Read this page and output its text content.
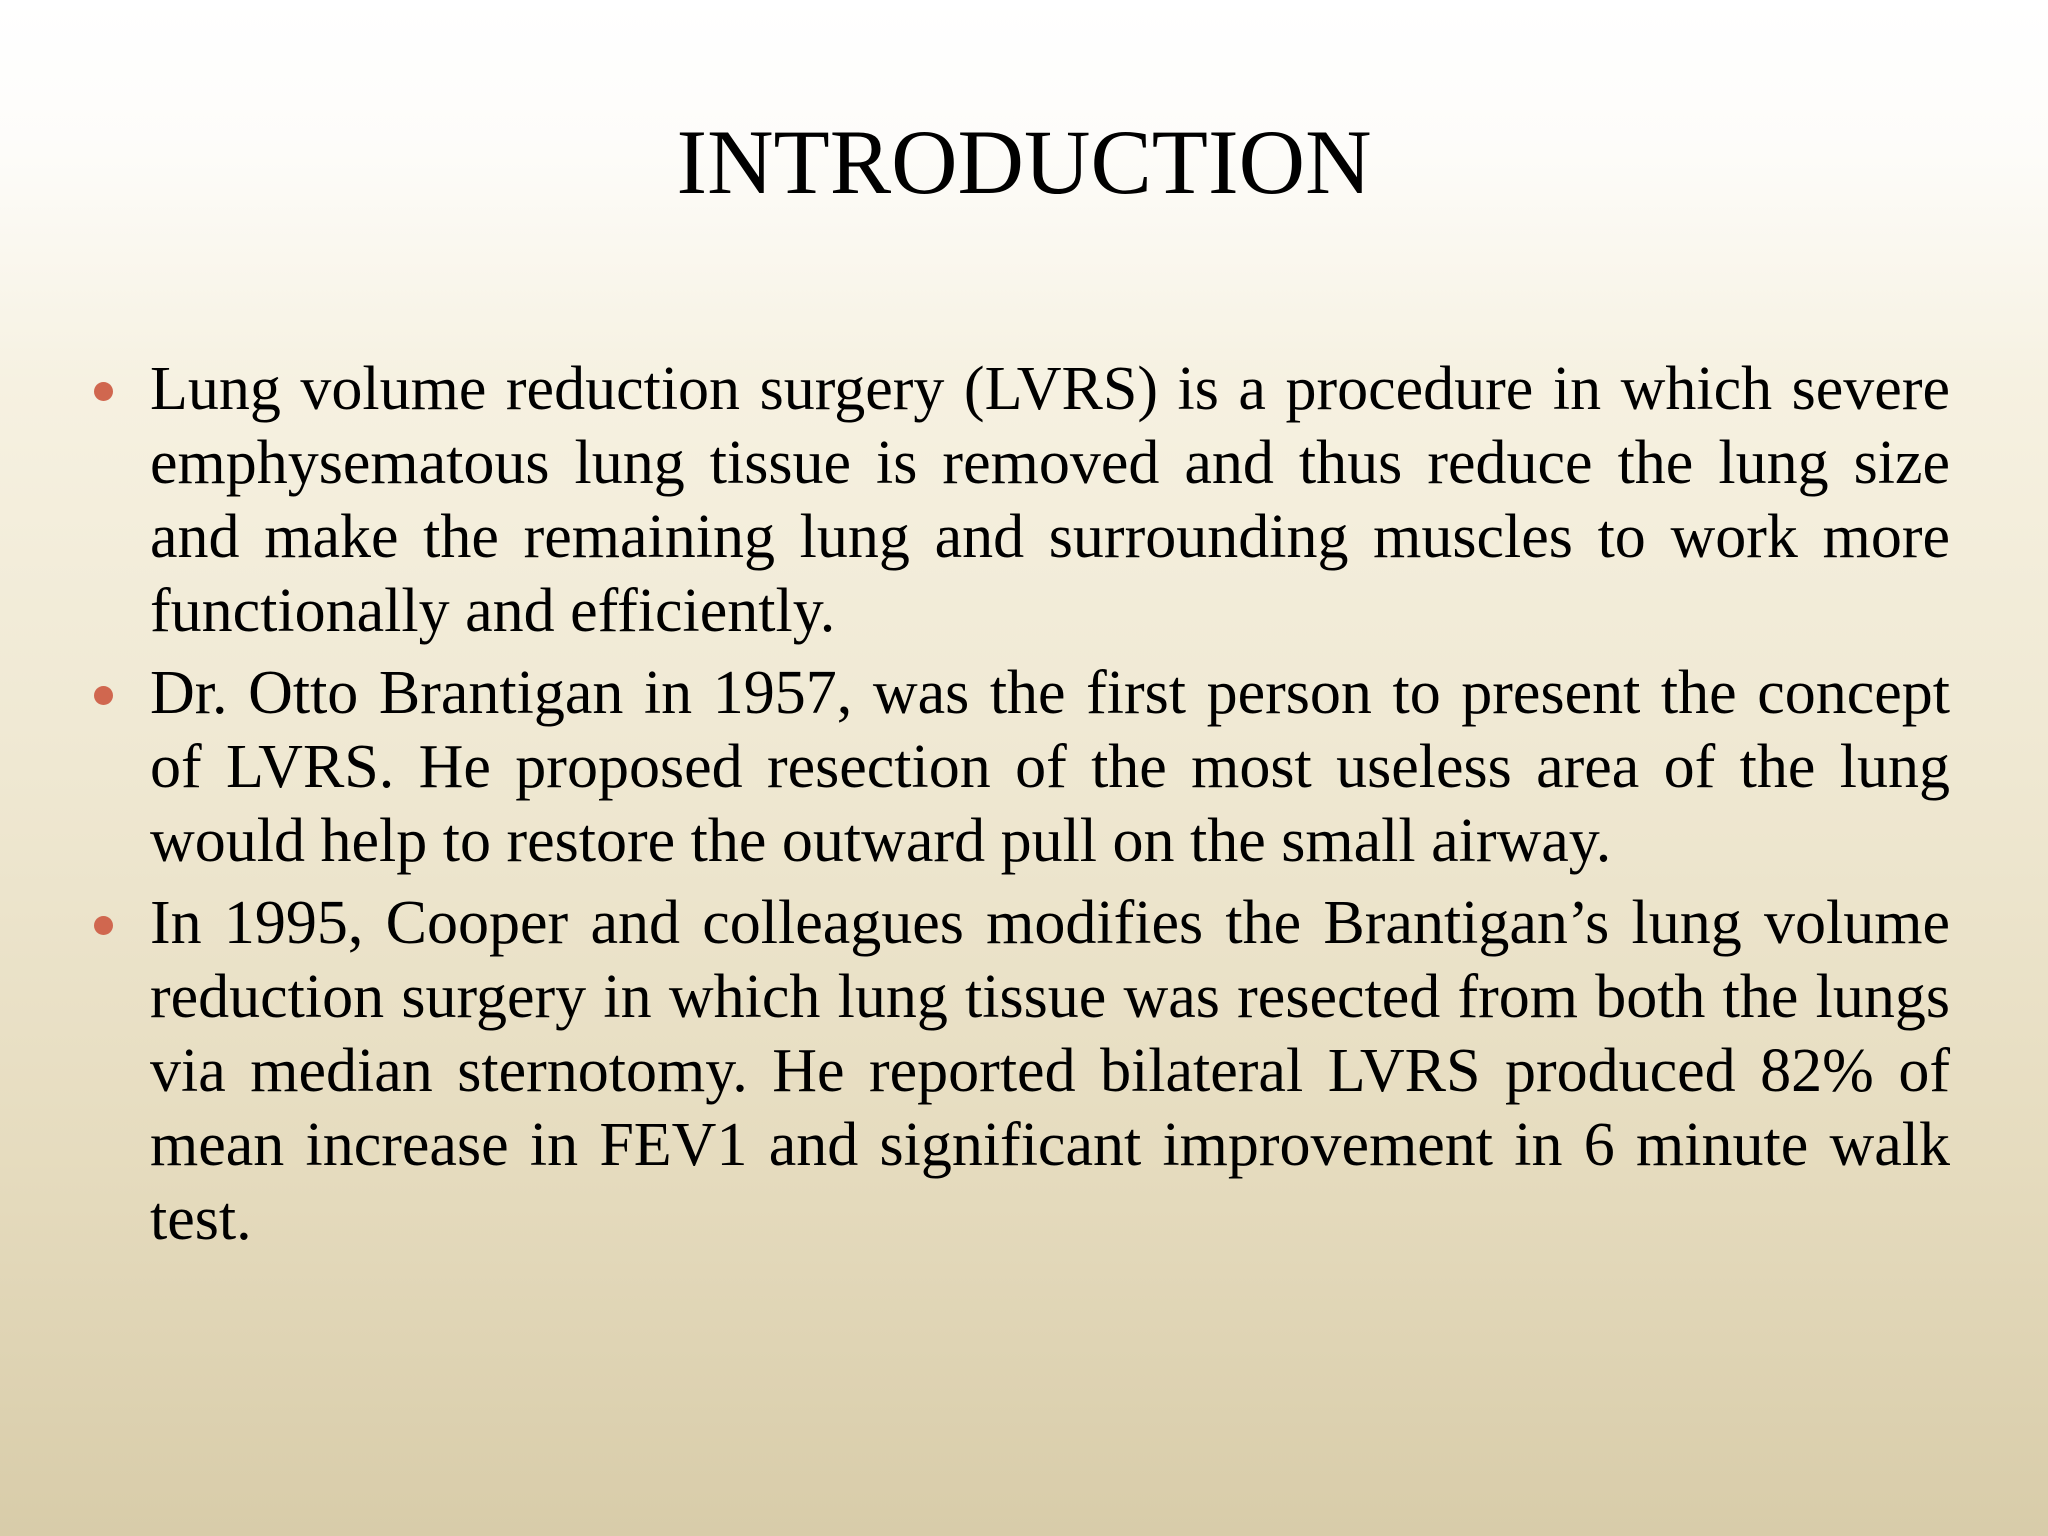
INTRODUCTION
Lung volume reduction surgery (LVRS) is a procedure in which severe emphysematous lung tissue is removed and thus reduce the lung size and make the remaining lung and surrounding muscles to work more functionally and efficiently.
Dr. Otto Brantigan in 1957, was the first person to present the concept of LVRS. He proposed resection of the most useless area of the lung would help to restore the outward pull on the small airway.
In 1995, Cooper and colleagues modifies the Brantigan’s lung volume reduction surgery in which lung tissue was resected from both the lungs via median sternotomy. He reported bilateral LVRS produced 82% of mean increase in FEV1 and significant improvement in 6 minute walk test.
